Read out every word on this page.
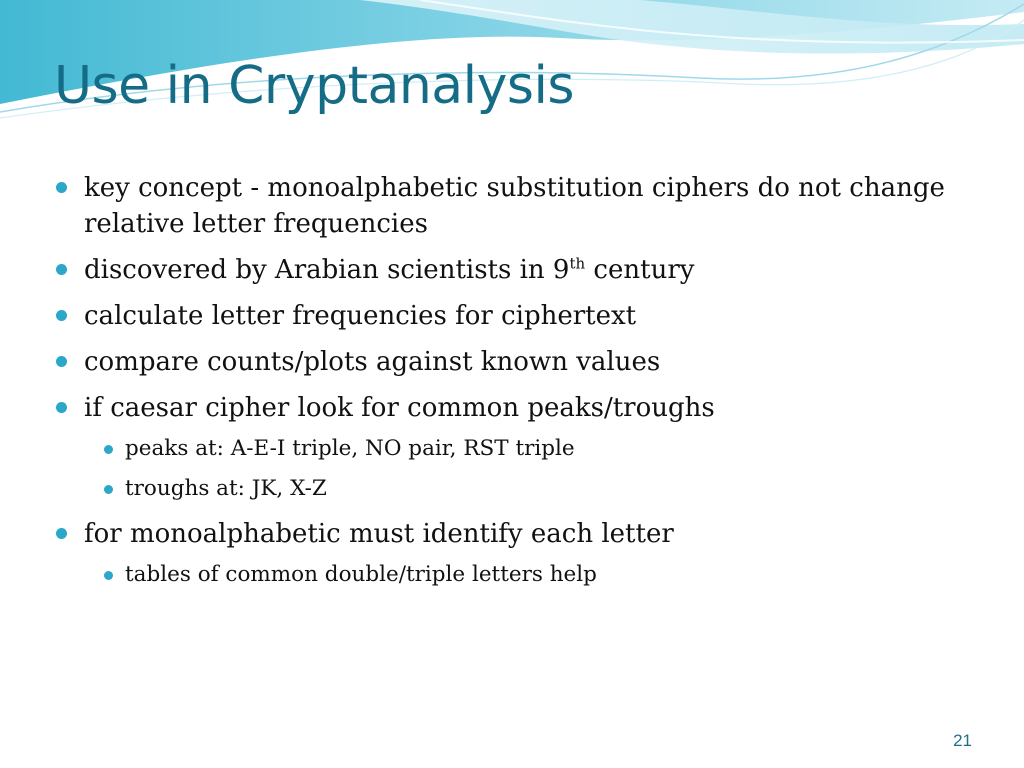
Use in Cryptanalysis
key concept - monoalphabetic substitution ciphers do not change relative letter frequencies
discovered by Arabian scientists in 9th century
calculate letter frequencies for ciphertext
compare counts/plots against known values
if caesar cipher look for common peaks/troughs
peaks at: A-E-I triple, NO pair, RST triple
troughs at: JK, X-Z
for monoalphabetic must identify each letter
tables of common double/triple letters help
21
